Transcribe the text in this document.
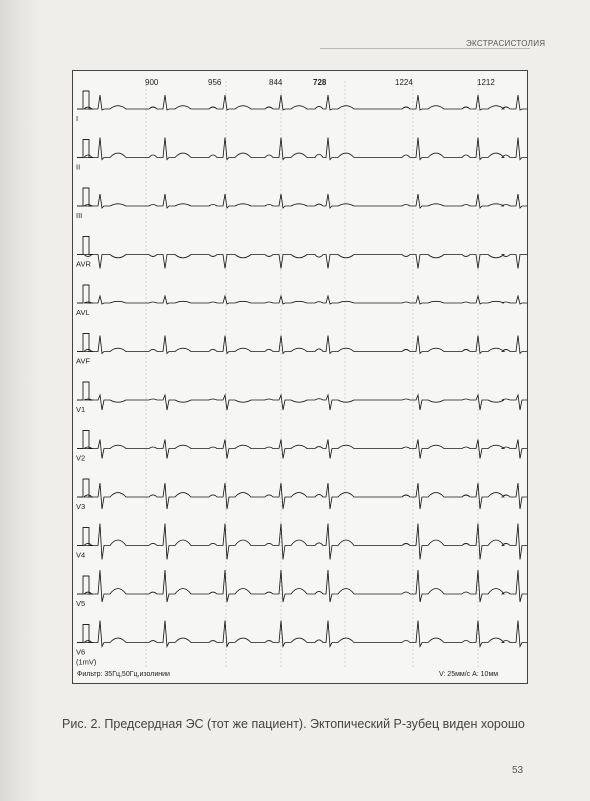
ЭКСТРАСИСТОЛИЯ
I
II
III
AVR
AVL
AVF
V1
V2
V3
V4
V5
V6
(1mV)
900	956	844	728	1224	1212
Фильтр: 35Гц,50Гц,изолинии	V: 25мм/с A: 10мм
Рис. 2. Предсердная ЭС (тот же пациент). Эктопический P-зубец виден хорошо
53
